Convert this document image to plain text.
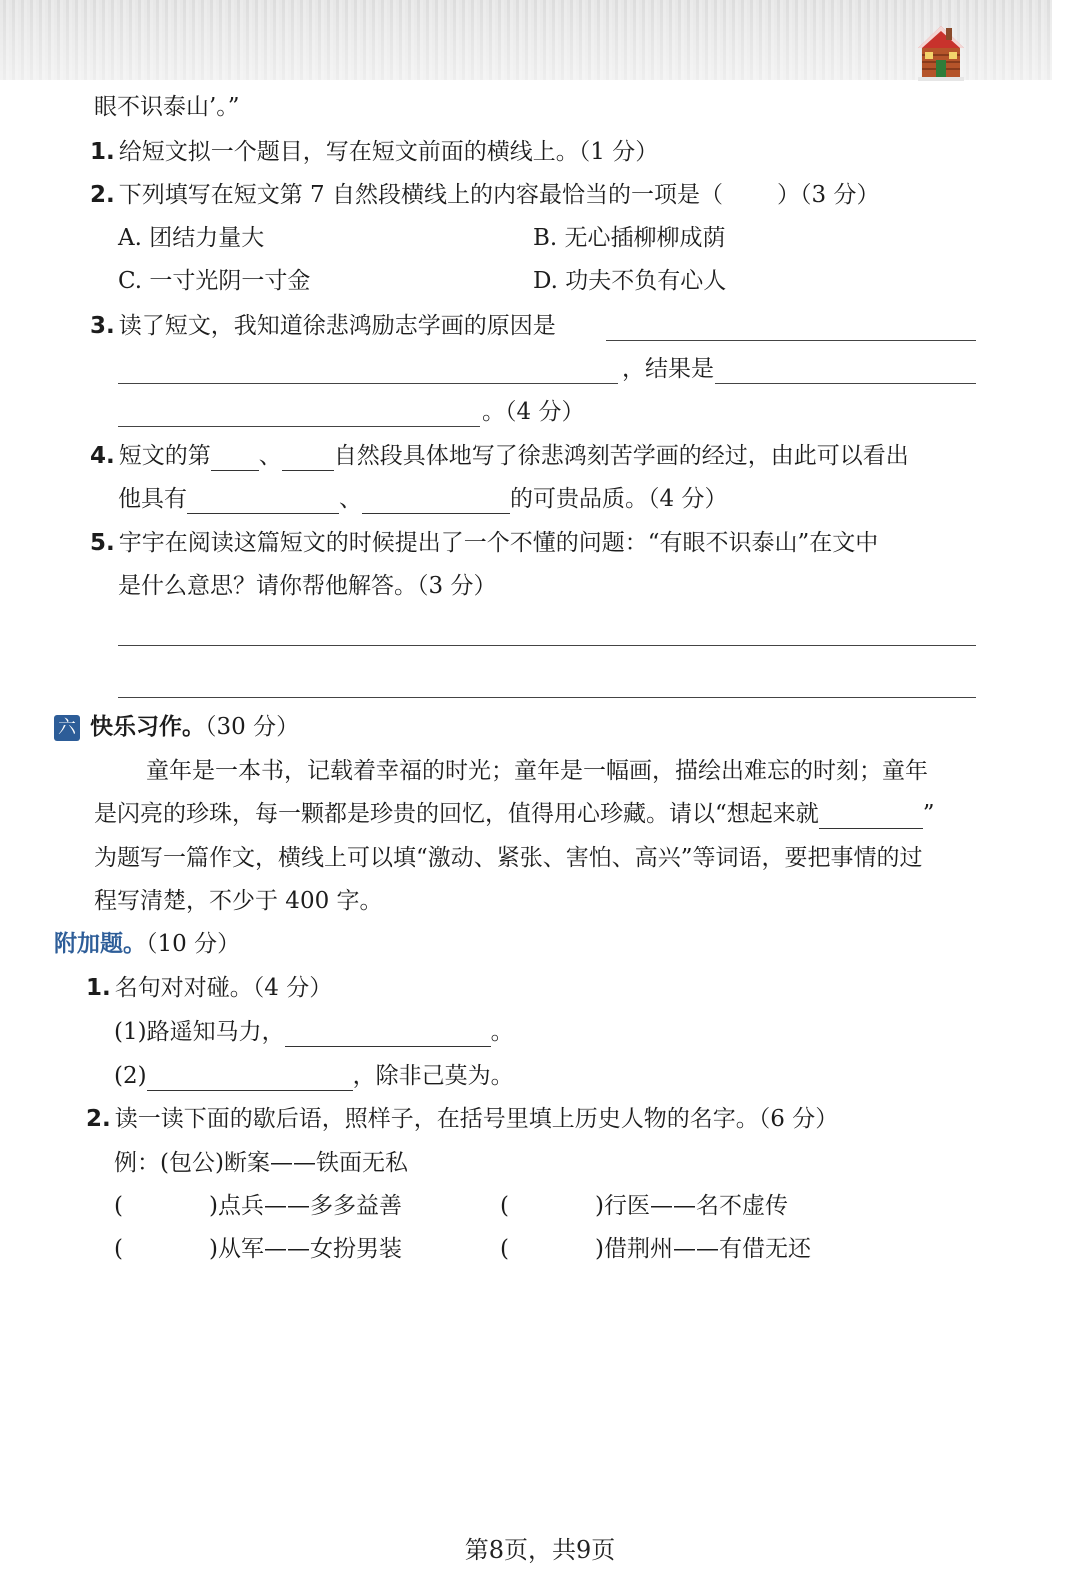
眼不识泰山’。”
1. 给短文拟一个题目，写在短文前面的横线上。（1 分）
2. 下列填写在短文第 7 自然段横线上的内容最恰当的一项是（ ）（3 分）
A. 团结力量大	B. 无心插柳柳成荫
C. 一寸光阴一寸金	D. 功夫不负有心人
3. 读了短文，我知道徐悲鸿励志学画的原因是
，结果是
。（4 分）
4. 短文的第 、 自然段具体地写了徐悲鸿刻苦学画的经过，由此可以看出
他具有	、	的可贵品质。（4 分）
5. 宇宇在阅读这篇短文的时候提出了一个不懂的问题：“有眼不识泰山”在文中
是什么意思？请你帮他解答。（3 分）
六 快乐习作。（30 分）
童年是一本书，记载着幸福的时光；童年是一幅画，描绘出难忘的时刻；童年
是闪亮的珍珠，每一颗都是珍贵的回忆，值得用心珍藏。请以“想起来就	”
为题写一篇作文，横线上可以填“激动、紧张、害怕、高兴”等词语，要把事情的过
程写清楚，不少于 400 字。
附加题。（10 分）
1. 名句对对碰。（4 分）
(1)路遥知马力，	。
(2)	，除非己莫为。
2. 读一读下面的歇后语，照样子，在括号里填上历史人物的名字。（6 分）
例：(包公)断案——铁面无私
(	)点兵——多多益善	(	)行医——名不虚传
(	)从军——女扮男装	(	)借荆州——有借无还
第8页，共9页
